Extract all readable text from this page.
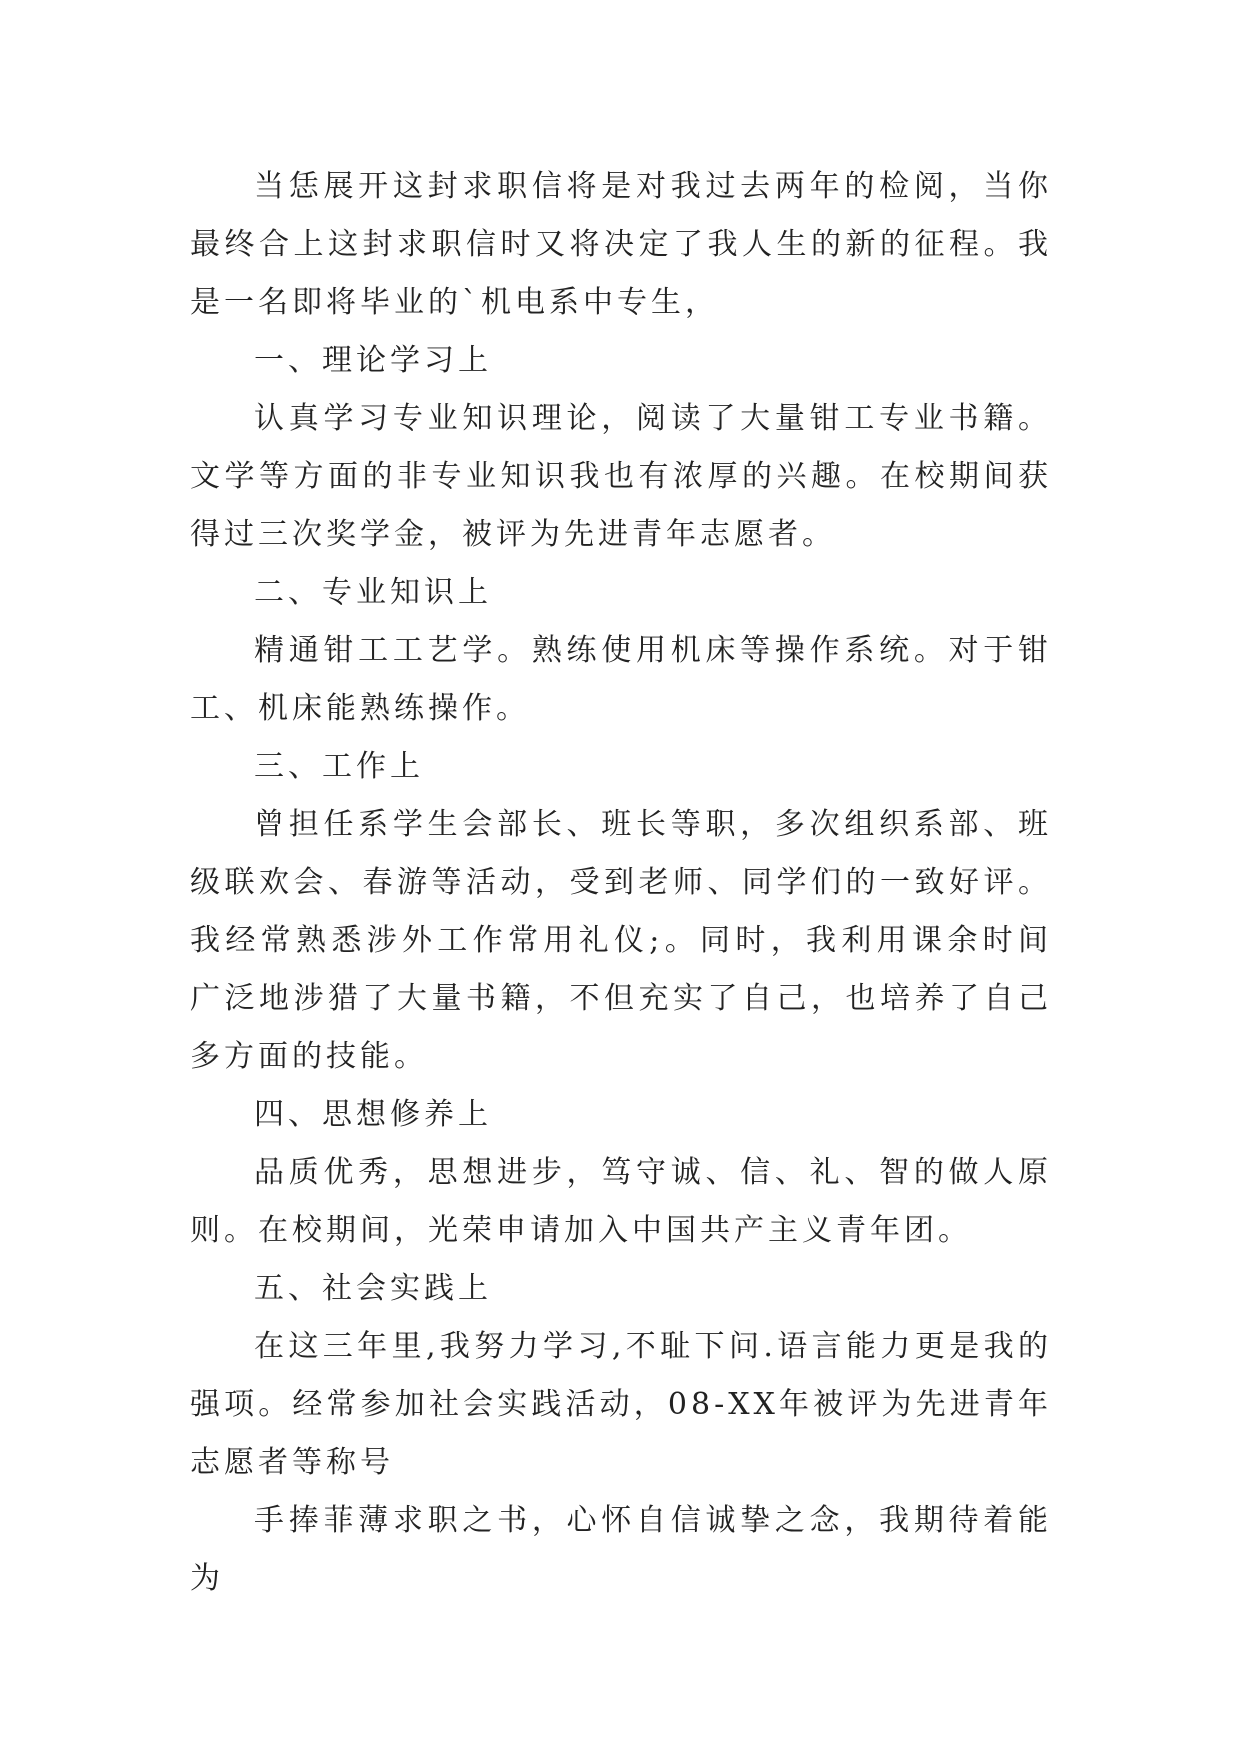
当恁展开这封求职信将是对我过去两年的检阅，当你最终合上这封求职信时又将决定了我人生的新的征程。我是一名即将毕业的`机电系中专生，

一、理论学习上

认真学习专业知识理论，阅读了大量钳工专业书籍。文学等方面的非专业知识我也有浓厚的兴趣。在校期间获得过三次奖学金，被评为先进青年志愿者。

二、专业知识上

精通钳工工艺学。熟练使用机床等操作系统。对于钳工、机床能熟练操作。

三、工作上

曾担任系学生会部长、班长等职，多次组织系部、班级联欢会、春游等活动，受到老师、同学们的一致好评。我经常熟悉涉外工作常用礼仪;。同时，我利用课余时间广泛地涉猎了大量书籍，不但充实了自己，也培养了自己多方面的技能。

四、思想修养上

品质优秀，思想进步，笃守诚、信、礼、智的做人原则。在校期间，光荣申请加入中国共产主义青年团。

五、社会实践上

在这三年里,我努力学习,不耻下问.语言能力更是我的强项。经常参加社会实践活动，08-XX年被评为先进青年志愿者等称号

手捧菲薄求职之书，心怀自信诚挚之念，我期待着能为
